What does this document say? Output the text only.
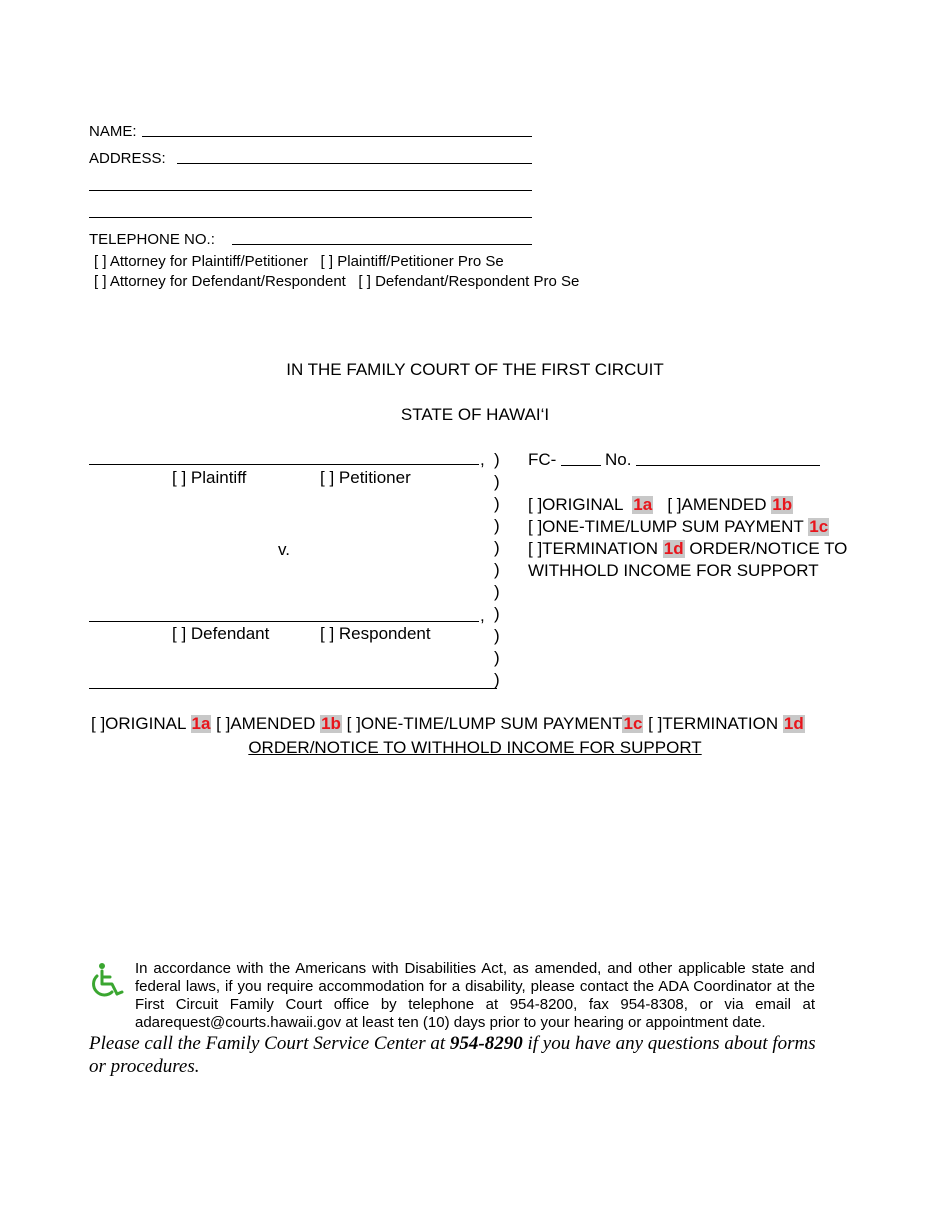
NAME:
ADDRESS:
TELEPHONE NO.:
[ ] Attorney for Plaintiff/Petitioner [ ] Plaintiff/Petitioner Pro Se
[ ] Attorney for Defendant/Respondent [ ] Defendant/Respondent Pro Se
IN THE FAMILY COURT OF THE FIRST CIRCUIT
STATE OF HAWAI‘I
,
[ ] Plaintiff	[ ] Petitioner
v.
,
[ ] Defendant	[ ] Respondent
)
)
)
)
)
)
)
)
)
)
)
FC-	No.
[ ]ORIGINAL 1a [ ]AMENDED 1b
[ ]ONE-TIME/LUMP SUM PAYMENT 1c
[ ]TERMINATION 1d ORDER/NOTICE TO
WITHHOLD INCOME FOR SUPPORT
[ ]ORIGINAL 1a [ ]AMENDED 1b [ ]ONE-TIME/LUMP SUM PAYMENT1c [ ]TERMINATION 1d
ORDER/NOTICE TO WITHHOLD INCOME FOR SUPPORT
In accordance with the Americans with Disabilities Act, as amended, and other applicable state and federal laws, if you require accommodation for a disability, please contact the ADA Coordinator at the First Circuit Family Court office by telephone at 954-8200, fax 954-8308, or via email at adarequest@courts.hawaii.gov at least ten (10) days prior to your hearing or appointment date.
Please call the Family Court Service Center at 954-8290 if you have any questions about forms or procedures.
